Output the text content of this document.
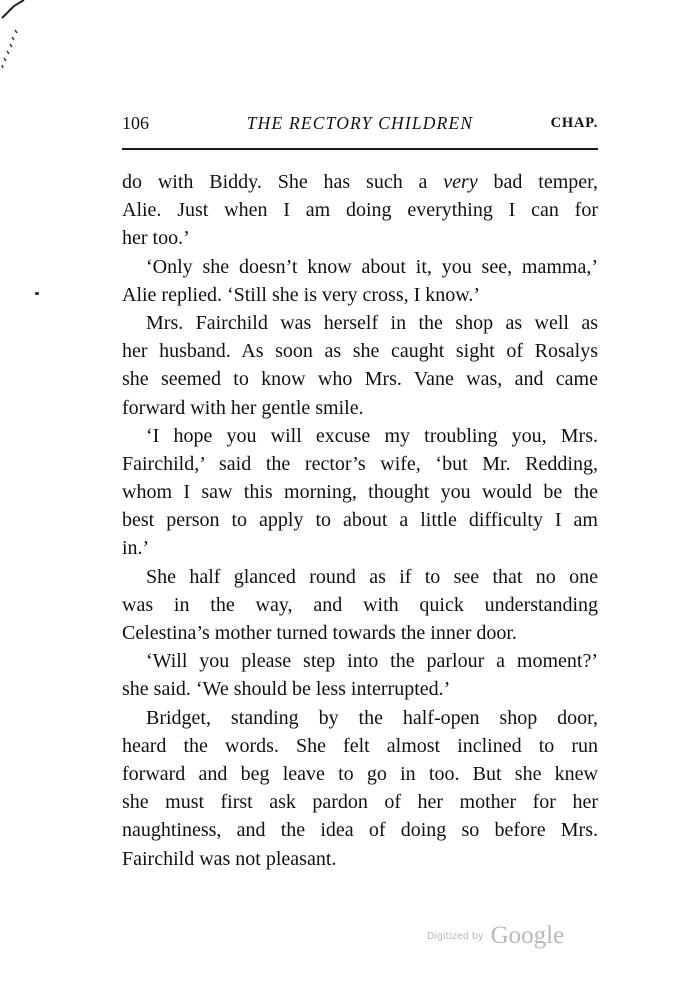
106	THE RECTORY CHILDREN	CHAP.
do with Biddy. She has such a very bad temper,
Alie. Just when I am doing everything I can for
her too.’
‘Only she doesn’t know about it, you see, mamma,’
Alie replied. ‘Still she is very cross, I know.’
Mrs. Fairchild was herself in the shop as well as
her husband. As soon as she caught sight of Rosalys
she seemed to know who Mrs. Vane was, and came
forward with her gentle smile.
‘I hope you will excuse my troubling you, Mrs.
Fairchild,’ said the rector’s wife, ‘but Mr. Redding,
whom I saw this morning, thought you would be the
best person to apply to about a little difficulty I am
in.’
She half glanced round as if to see that no one
was in the way, and with quick understanding
Celestina’s mother turned towards the inner door.
‘Will you please step into the parlour a moment?’
she said. ‘We should be less interrupted.’
Bridget, standing by the half-open shop door,
heard the words. She felt almost inclined to run
forward and beg leave to go in too. But she knew
she must first ask pardon of her mother for her
naughtiness, and the idea of doing so before Mrs.
Fairchild was not pleasant.
$^{Digitized by}$ Google
